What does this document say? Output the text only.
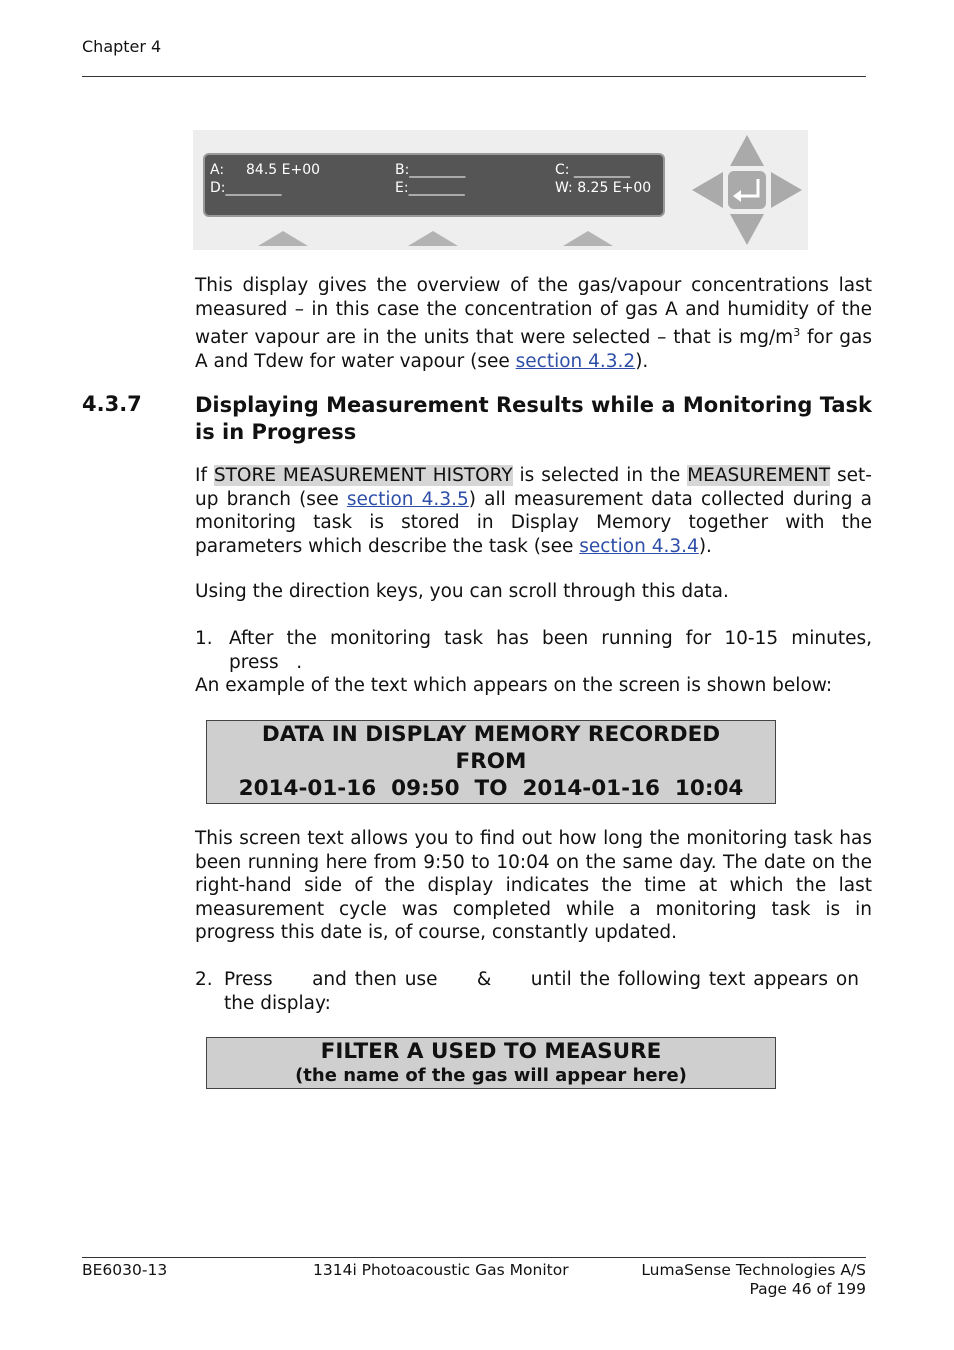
Chapter 4
A: 84.5 E+00	B:________	C: ________
D:________	E:________	W: 8.25 E+00
This display gives the overview of the gas/vapour concentrations last measured – in this case the concentration of gas A and humidity of the water vapour are in the units that were selected – that is $mg/m^3$ for gas A and Tdew for water vapour (see section 4.3.2).
4.3.7	Displaying Measurement Results while a Monitoring Task is in Progress
If STORE MEASUREMENT HISTORY is selected in the MEASUREMENT set-up branch (see section 4.3.5) all measurement data collected during a monitoring task is stored in Display Memory together with the parameters which describe the task (see section 4.3.4).
Using the direction keys, you can scroll through this data.
1. After the monitoring task has been running for 10-15 minutes,
press   .
An example of the text which appears on the screen is shown below:
DATA IN DISPLAY MEMORY RECORDED
FROM
2014-01-16  09:50  TO  2014-01-16  10:04
This screen text allows you to find out how long the monitoring task has been running here from 9:50 to 10:04 on the same day. The date on the right-hand side of the display indicates the time at which the last measurement cycle was completed while a monitoring task is in progress this date is, of course, constantly updated.
2. Press     and then use     &     until the following text appears on
the display:
FILTER A USED TO MEASURE
(the name of the gas will appear here)
BE6030-13	1314i Photoacoustic Gas Monitor	LumaSense Technologies A/S
Page 46 of 199
